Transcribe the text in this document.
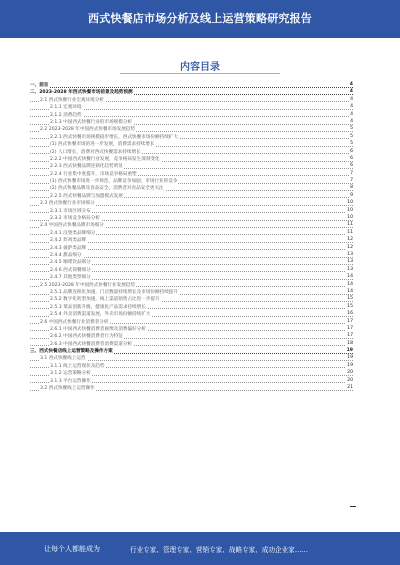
西式快餐店市场分析及线上运营策略研究报告
内容目录
一、前言	4
二、2023-2028 年西式快餐市场前景及趋势预测	4
2.1 西式快餐行业宏观环境分析	4
2.1.1 宏观环境	4
2.1.2 消费趋势	4
2.1.3 中国西式快餐行业的市场规模分析	4
2.2 2023-2028 年中国西式快餐市场发展趋势	5
2.2.1 西式快餐市场规模稳步增长，西式快餐市场份额持续扩大	5
(1) 西式快餐市场的进一步发展，消费需求持续增长	5
(2) 人口增长，消费对西式快餐需求持续增长	6
2.2.2 中国西式快餐行业发展，竞争格局发生深刻变化	6
2.2.3 西式快餐品牌连锁化趋势明显	6
2.2.4 行业集中度提升，市场竞争格局重塑	7
(1) 西式快餐市场进一步规范，品牌竞争加剧，市场行业的竞争	7
(2) 西式快餐品牌及食品安全，消费者对食品安全更关注	8
2.2.5 西式快餐品牌与加盟模式发展	9
2.3 西式快餐行业市场细分	10
2.3.1 市场区域分布	10
2.3.2 市场竞争格局分析	10
2.4 中国西式快餐品牌市场细分	11
2.4.1 汉堡类品牌细分	11
2.4.2 炸鸡类品牌	12
2.4.3 披萨类品牌	12
2.4.4 甜品细分	13
2.4.5 咖啡饮品细分	13
2.4.6 西式简餐细分	13
2.4.7 其他类型细分	14
2.5 2023-2028 年中国西式快餐行业发展趋势	14
2.5.1 品牌连锁化加速，门店数量持续增长及市场份额持续提升	14
2.5.2 数字化转型加速，线上渠道销售占比进一步提升	15
2.5.3 菜品创新升级，健康化产品需求持续增长	15
2.5.4 外卖消费渠道发展，外卖市场份额持续扩大	16
2.6 中国西式快餐行业消费者分析	17
2.6.1 中国西式快餐消费者画像及消费偏好分析	17
2.6.2 中国西式快餐消费者行为特征	17
2.6.3 中国西式快餐消费者消费渠道分析	18
三、西式快餐店线上运营策略及操作方案	19
3.1 西式快餐线上运营	19
3.1.1 线上运营现状及趋势	19
3.1.2 运营策略分析	20
3.1.3 平台运营操作	20
3.2 西式快餐线上运营操作	21
让每个人都能成为	行业专家、管理专家、营销专家、战略专家、成功企业家……
